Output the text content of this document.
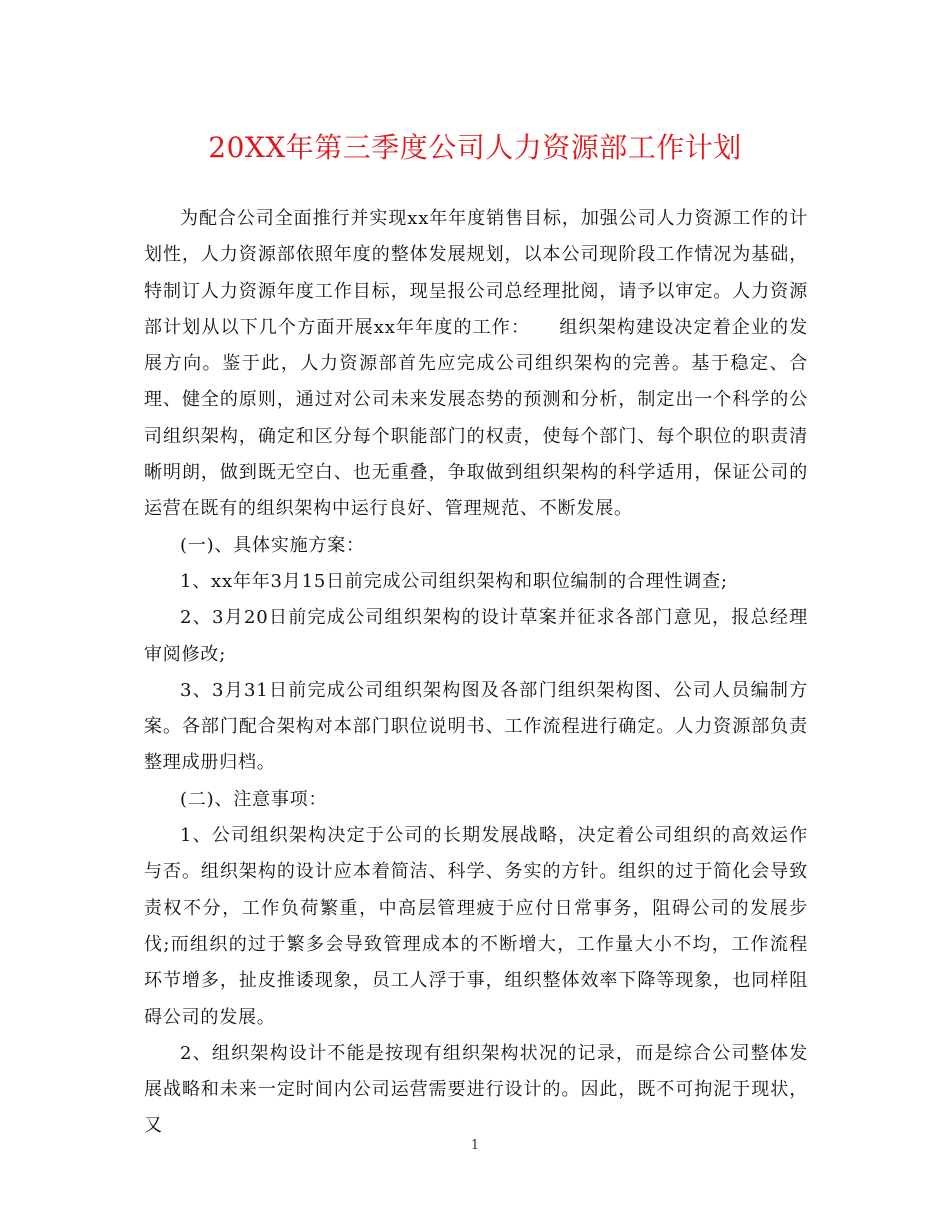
20XX年第三季度公司人力资源部工作计划

为配合公司全面推行并实现xx年年度销售目标，加强公司人力资源工作的计划性，人力资源部依照年度的整体发展规划，以本公司现阶段工作情况为基础，特制订人力资源年度工作目标，现呈报公司总经理批阅，请予以审定。人力资源部计划从以下几个方面开展xx年年度的工作：　　组织架构建设决定着企业的发展方向。鉴于此，人力资源部首先应完成公司组织架构的完善。基于稳定、合理、健全的原则，通过对公司未来发展态势的预测和分析，制定出一个科学的公司组织架构，确定和区分每个职能部门的权责，使每个部门、每个职位的职责清晰明朗，做到既无空白、也无重叠，争取做到组织架构的科学适用，保证公司的运营在既有的组织架构中运行良好、管理规范、不断发展。

(一)、具体实施方案：

1、xx年年3月15日前完成公司组织架构和职位编制的合理性调查;

2、3月20日前完成公司组织架构的设计草案并征求各部门意见，报总经理审阅修改;

3、3月31日前完成公司组织架构图及各部门组织架构图、公司人员编制方案。各部门配合架构对本部门职位说明书、工作流程进行确定。人力资源部负责整理成册归档。

(二)、注意事项：

1、公司组织架构决定于公司的长期发展战略，决定着公司组织的高效运作与否。组织架构的设计应本着简洁、科学、务实的方针。组织的过于简化会导致责权不分，工作负荷繁重，中高层管理疲于应付日常事务，阻碍公司的发展步伐;而组织的过于繁多会导致管理成本的不断增大，工作量大小不均，工作流程环节增多，扯皮推诿现象，员工人浮于事，组织整体效率下降等现象，也同样阻碍公司的发展。

2、组织架构设计不能是按现有组织架构状况的记录，而是综合公司整体发展战略和未来一定时间内公司运营需要进行设计的。因此，既不可拘泥于现状，又

1
